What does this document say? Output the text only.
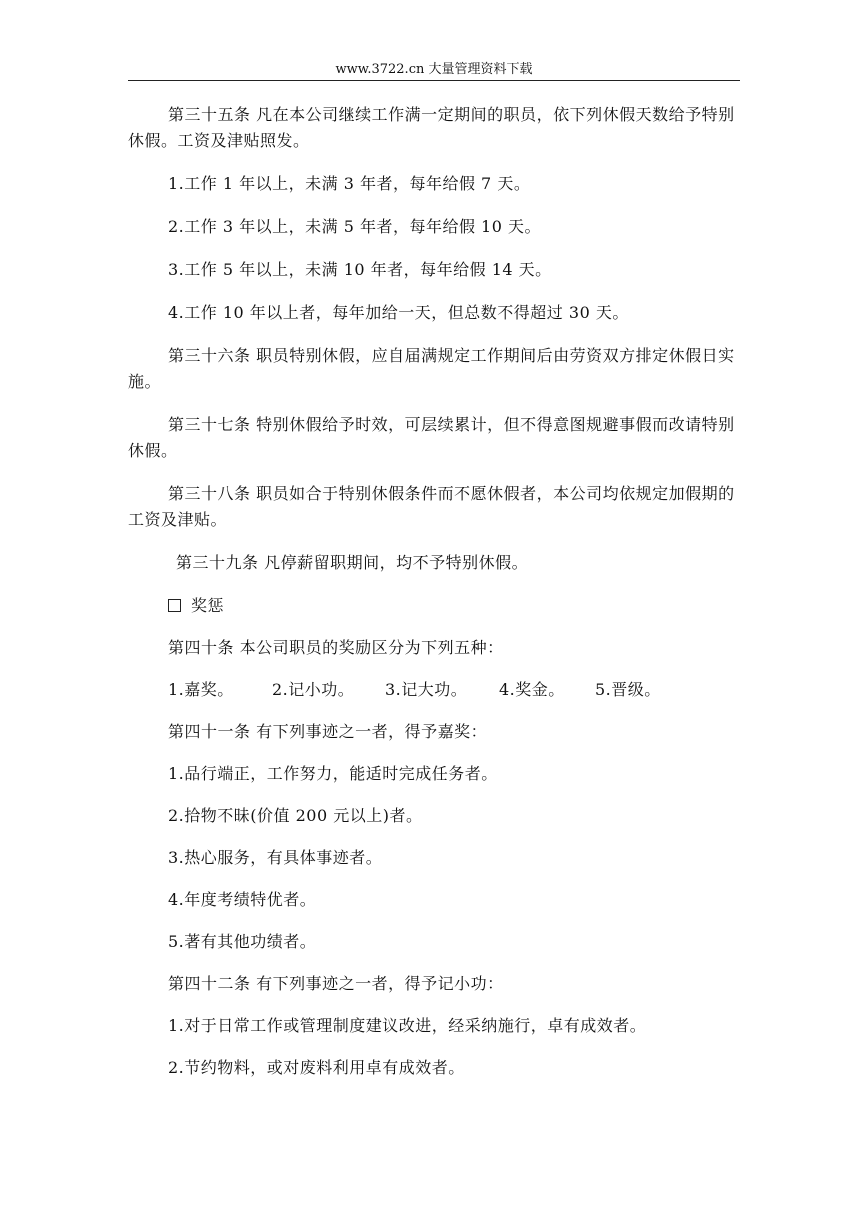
www.3722.cn 大量管理资料下载

第三十五条 凡在本公司继续工作满一定期间的职员，依下列休假天数给予特别休假。工资及津贴照发。

1.工作 1 年以上，未满 3 年者，每年给假 7 天。

2.工作 3 年以上，未满 5 年者，每年给假 10 天。

3.工作 5 年以上，未满 10 年者，每年给假 14 天。

4.工作 10 年以上者，每年加给一天，但总数不得超过 30 天。

第三十六条 职员特别休假，应自届满规定工作期间后由劳资双方排定休假日实施。

第三十七条 特别休假给予时效，可层续累计，但不得意图规避事假而改请特别休假。

第三十八条 职员如合于特别休假条件而不愿休假者，本公司均依规定加假期的工资及津贴。

第三十九条 凡停薪留职期间，均不予特别休假。

奖惩

第四十条 本公司职员的奖励区分为下列五种：

1.嘉奖。	2.记小功。	3.记大功。	4.奖金。	5.晋级。

第四十一条 有下列事迹之一者，得予嘉奖：

1.品行端正，工作努力，能适时完成任务者。

2.拾物不昧(价值 200 元以上)者。

3.热心服务，有具体事迹者。

4.年度考绩特优者。

5.著有其他功绩者。

第四十二条 有下列事迹之一者，得予记小功：

1.对于日常工作或管理制度建议改进，经采纳施行，卓有成效者。

2.节约物料，或对废料利用卓有成效者。
